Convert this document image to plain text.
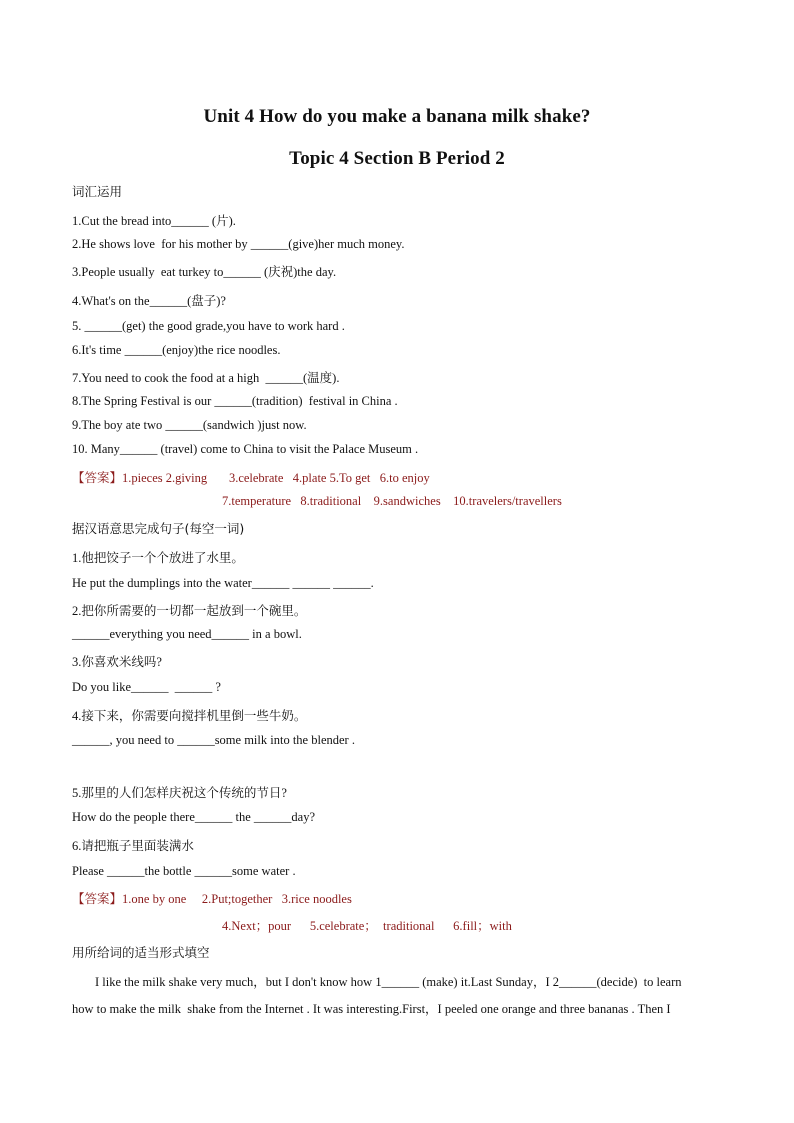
Unit 4 How do you make a banana milk shake?
Topic 4 Section B Period 2
词汇运用
1.Cut the bread into______ (片).
2.He shows love  for his mother by ______(give)her much money.
3.People usually  eat turkey to______ (庆祝)the day.
4.What's on the______(盘子)?
5. ______(get) the good grade,you have to work hard .
6.It's time ______(enjoy)the rice noodles.
7.You need to cook the food at a high  ______(温度).
8.The Spring Festival is our ______(tradition)  festival in China .
9.The boy ate two ______(sandwich )just now.
10. Many______ (travel) come to China to visit the Palace Museum .
【答案】1.pieces 2.giving       3.celebrate   4.plate 5.To get   6.to enjoy
7.temperature   8.traditional    9.sandwiches    10.travelers/travellers
据汉语意思完成句子(每空一词)
1.他把饺子一个个放进了水里。
He put the dumplings into the water______ ______ ______.
2.把你所需要的一切都一起放到一个碗里。
______everything you need______ in a bowl.
3.你喜欢米线吗?
Do you like______  ______ ?
4.接下来，你需要向搅拌机里倒一些牛奶。
______, you need to ______some milk into the blender .
5.那里的人们怎样庆祝这个传统的节日?
How do the people there______ the ______day?
6.请把瓶子里面装满水
Please ______the bottle ______some water .
【答案】1.one by one     2.Put;together   3.rice noodles
4.Next；pour      5.celebrate；  traditional      6.fill；with
用所给词的适当形式填空
I like the milk shake very much，but I don't know how 1______ (make) it.Last Sunday，I 2______(decide)  to learn
how to make the milk  shake from the Internet . It was interesting.First，I peeled one orange and three bananas . Then I
